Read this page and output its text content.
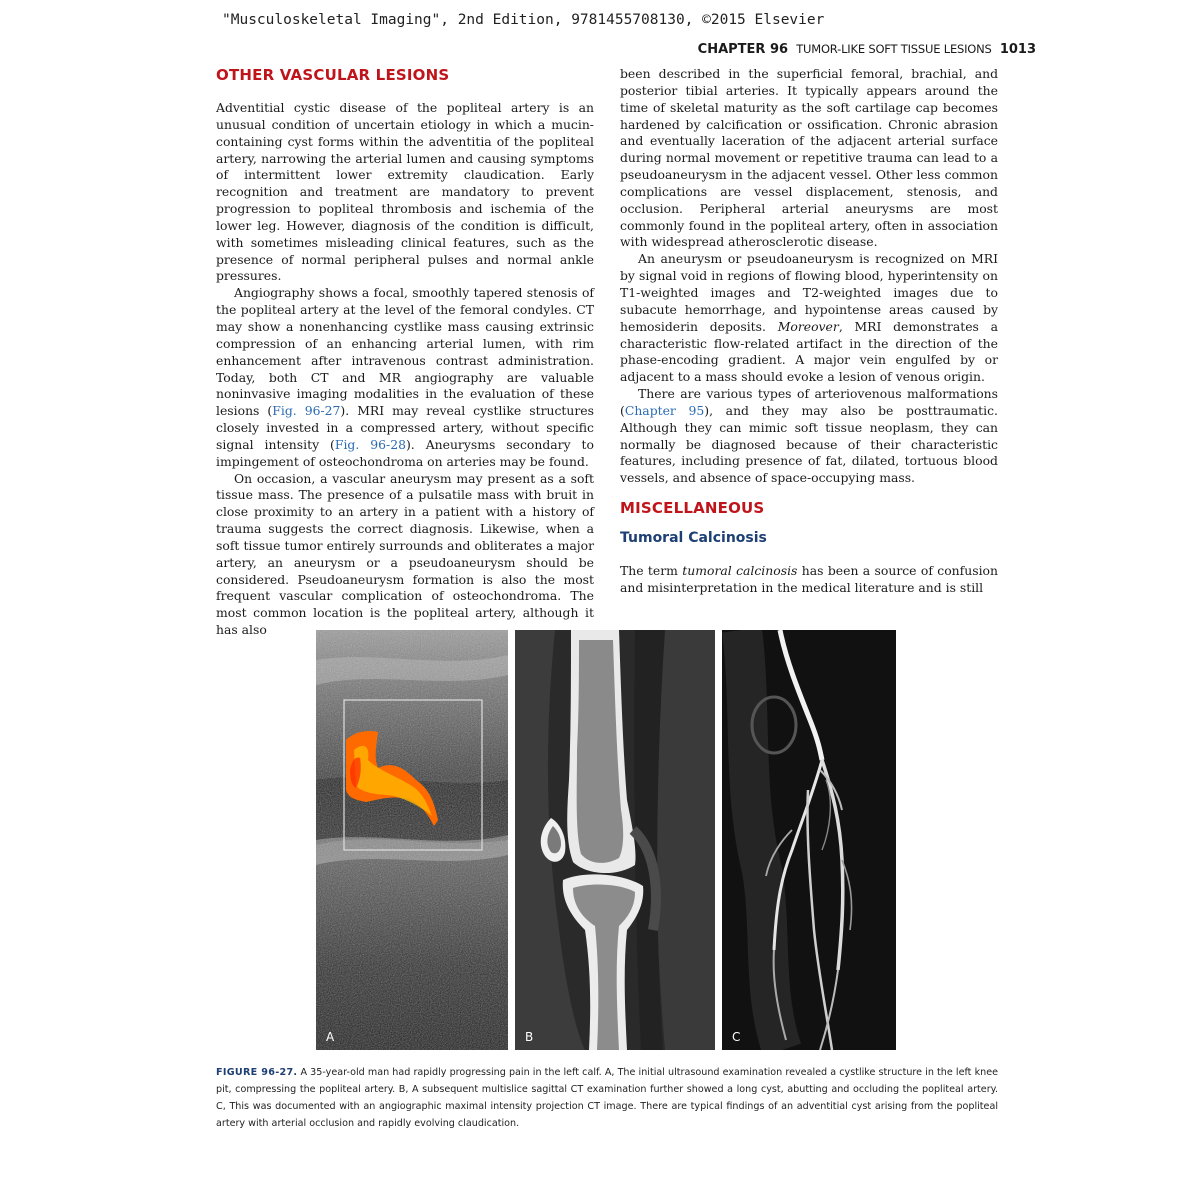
"Musculoskeletal Imaging", 2nd Edition, 9781455708130, ©2015 Elsevier
CHAPTER 96 TUMOR-LIKE SOFT TISSUE LESIONS 1013
OTHER VASCULAR LESIONS

Adventitial cystic disease of the popliteal artery is an unusual condition of uncertain etiology in which a mucin-containing cyst forms within the adventitia of the popliteal artery, narrowing the arterial lumen and causing symptoms of intermittent lower extremity claudication. Early recognition and treatment are mandatory to prevent progression to popliteal thrombosis and ischemia of the lower leg. However, diagnosis of the condition is difficult, with sometimes misleading clinical features, such as the presence of normal peripheral pulses and normal ankle pressures.

Angiography shows a focal, smoothly tapered stenosis of the popliteal artery at the level of the femoral condyles. CT may show a nonenhancing cystlike mass causing extrinsic compression of an enhancing arterial lumen, with rim enhancement after intravenous contrast administration. Today, both CT and MR angiography are valuable noninvasive imaging modalities in the evaluation of these lesions (Fig. 96-27). MRI may reveal cystlike structures closely invested in a compressed artery, without specific signal intensity (Fig. 96-28). Aneurysms secondary to impingement of osteochondroma on arteries may be found.

On occasion, a vascular aneurysm may present as a soft tissue mass. The presence of a pulsatile mass with bruit in close proximity to an artery in a patient with a history of trauma suggests the correct diagnosis. Likewise, when a soft tissue tumor entirely surrounds and obliterates a major artery, an aneurysm or a pseudoaneurysm should be considered. Pseudoaneurysm formation is also the most frequent vascular complication of osteochondroma. The most common location is the popliteal artery, although it has also

been described in the superficial femoral, brachial, and posterior tibial arteries. It typically appears around the time of skeletal maturity as the soft cartilage cap becomes hardened by calcification or ossification. Chronic abrasion and eventually laceration of the adjacent arterial surface during normal movement or repetitive trauma can lead to a pseudoaneurysm in the adjacent vessel. Other less common complications are vessel displacement, stenosis, and occlusion. Peripheral arterial aneurysms are most commonly found in the popliteal artery, often in association with widespread atherosclerotic disease.

An aneurysm or pseudoaneurysm is recognized on MRI by signal void in regions of flowing blood, hyperintensity on T1-weighted images and T2-weighted images due to subacute hemorrhage, and hypointense areas caused by hemosiderin deposits. Moreover, MRI demonstrates a characteristic flow-related artifact in the direction of the phase-encoding gradient. A major vein engulfed by or adjacent to a mass should evoke a lesion of venous origin.

There are various types of arteriovenous malformations (Chapter 95), and they may also be posttraumatic. Although they can mimic soft tissue neoplasm, they can normally be diagnosed because of their characteristic features, including presence of fat, dilated, tortuous blood vessels, and absence of space-occupying mass.

MISCELLANEOUS
Tumoral Calcinosis

The term tumoral calcinosis has been a source of confusion and misinterpretation in the medical literature and is still

A	B	C
FIGURE 96-27. A 35-year-old man had rapidly progressing pain in the left calf. A, The initial ultrasound examination revealed a cystlike structure in the left knee pit, compressing the popliteal artery. B, A subsequent multislice sagittal CT examination further showed a long cyst, abutting and occluding the popliteal artery. C, This was documented with an angiographic maximal intensity projection CT image. There are typical findings of an adventitial cyst arising from the popliteal artery with arterial occlusion and rapidly evolving claudication.
